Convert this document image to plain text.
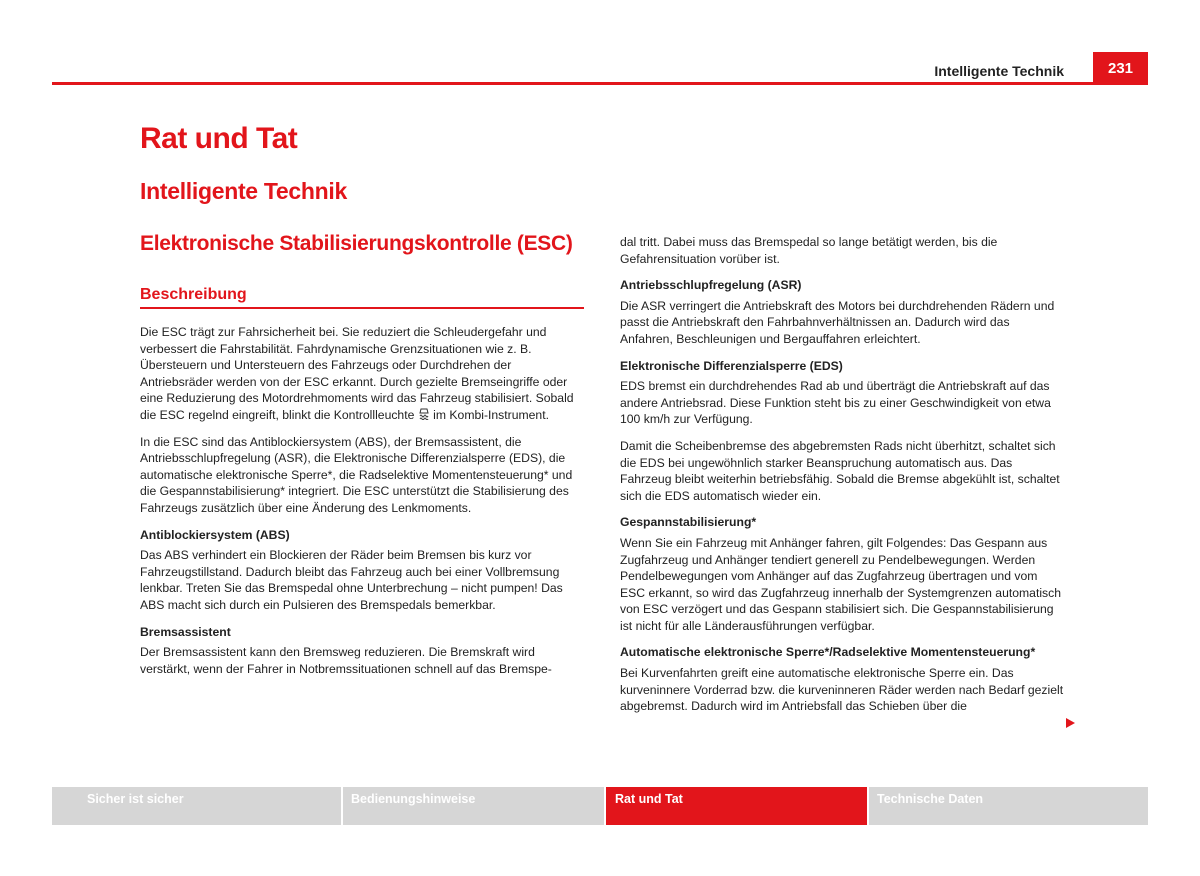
231
Intelligente Technik
Rat und Tat
Intelligente Technik
Elektronische Stabilisierungskontrolle (ESC)
Beschreibung

Die ESC trägt zur Fahrsicherheit bei. Sie reduziert die Schleudergefahr und verbessert die Fahrstabilität. Fahrdynamische Grenzsituationen wie z. B. Übersteuern und Untersteuern des Fahrzeugs oder Durchdrehen der Antriebsräder werden von der ESC erkannt. Durch gezielte Bremseingriffe oder eine Reduzierung des Motordrehmoments wird das Fahrzeug stabilisiert. Sobald die ESC regelnd eingreift, blinkt die Kontrollleuchte im Kombi-Instrument.

In die ESC sind das Antiblockiersystem (ABS), der Bremsassistent, die Antriebsschlupfregelung (ASR), die Elektronische Differenzialsperre (EDS), die automatische elektronische Sperre*, die Radselektive Momentensteuerung* und die Gespannstabilisierung* integriert. Die ESC unterstützt die Stabilisierung des Fahrzeugs zusätzlich über eine Änderung des Lenkmoments.

Antiblockiersystem (ABS)

Das ABS verhindert ein Blockieren der Räder beim Bremsen bis kurz vor Fahrzeugstillstand. Dadurch bleibt das Fahrzeug auch bei einer Vollbremsung lenkbar. Treten Sie das Bremspedal ohne Unterbrechung – nicht pumpen! Das ABS macht sich durch ein Pulsieren des Bremspedals bemerkbar.

Bremsassistent

Der Bremsassistent kann den Bremsweg reduzieren. Die Bremskraft wird verstärkt, wenn der Fahrer in Notbremssituationen schnell auf das Bremspe-

dal tritt. Dabei muss das Bremspedal so lange betätigt werden, bis die Gefahrensituation vorüber ist.

Antriebsschlupfregelung (ASR)

Die ASR verringert die Antriebskraft des Motors bei durchdrehenden Rädern und passt die Antriebskraft den Fahrbahnverhältnissen an. Dadurch wird das Anfahren, Beschleunigen und Bergauffahren erleichtert.

Elektronische Differenzialsperre (EDS)

EDS bremst ein durchdrehendes Rad ab und überträgt die Antriebskraft auf das andere Antriebsrad. Diese Funktion steht bis zu einer Geschwindigkeit von etwa 100 km/h zur Verfügung.

Damit die Scheibenbremse des abgebremsten Rads nicht überhitzt, schaltet sich die EDS bei ungewöhnlich starker Beanspruchung automatisch aus. Das Fahrzeug bleibt weiterhin betriebsfähig. Sobald die Bremse abgekühlt ist, schaltet sich die EDS automatisch wieder ein.

Gespannstabilisierung*

Wenn Sie ein Fahrzeug mit Anhänger fahren, gilt Folgendes: Das Gespann aus Zugfahrzeug und Anhänger tendiert generell zu Pendelbewegungen. Werden Pendelbewegungen vom Anhänger auf das Zugfahrzeug übertragen und vom ESC erkannt, so wird das Zugfahrzeug innerhalb der Systemgrenzen automatisch von ESC verzögert und das Gespann stabilisiert sich. Die Gespannstabilisierung ist nicht für alle Länderausführungen verfügbar.

Automatische elektronische Sperre*/Radselektive Momentensteuerung*

Bei Kurvenfahrten greift eine automatische elektronische Sperre ein. Das kurveninnere Vorderrad bzw. die kurveninneren Räder werden nach Bedarf gezielt abgebremst. Dadurch wird im Antriebsfall das Schieben über die

Sicher ist sicher	Bedienungshinweise	Rat und Tat	Technische Daten
